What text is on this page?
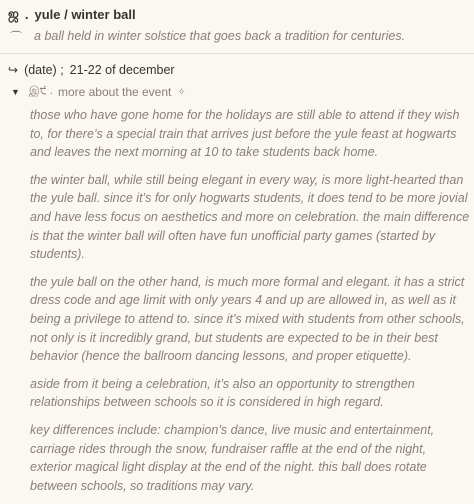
ஜ . yule / winter ball
⌒ a ball held in winter solstice that goes back a tradition for centuries.
↪ (date) ; 21-22 of december
▼ இ੯ . more about the event ✧

those who have gone home for the holidays are still able to attend if they wish to, for there’s a special train that arrives just before the yule feast at hogwarts and leaves the next morning at 10 to take students back home.

the winter ball, while still being elegant in every way, is more light-hearted than the yule ball. since it’s for only hogwarts students, it does tend to be more jovial and have less focus on aesthetics and more on celebration. the main difference is that the winter ball will often have fun unofficial party games (started by students).

the yule ball on the other hand, is much more formal and elegant. it has a strict dress code and age limit with only years 4 and up are allowed in, as well as it being a privilege to attend to. since it’s mixed with students from other schools, not only is it incredibly grand, but students are expected to be in their best behavior (hence the ballroom dancing lessons, and proper etiquette).

aside from it being a celebration, it’s also an opportunity to strengthen relationships between schools so it is considered in high regard.

key differences include: champion’s dance, live music and entertainment, carriage rides through the snow, fundraiser raffle at the end of the night, exterior magical light display at the end of the night. this ball does rotate between schools, so traditions may vary.
